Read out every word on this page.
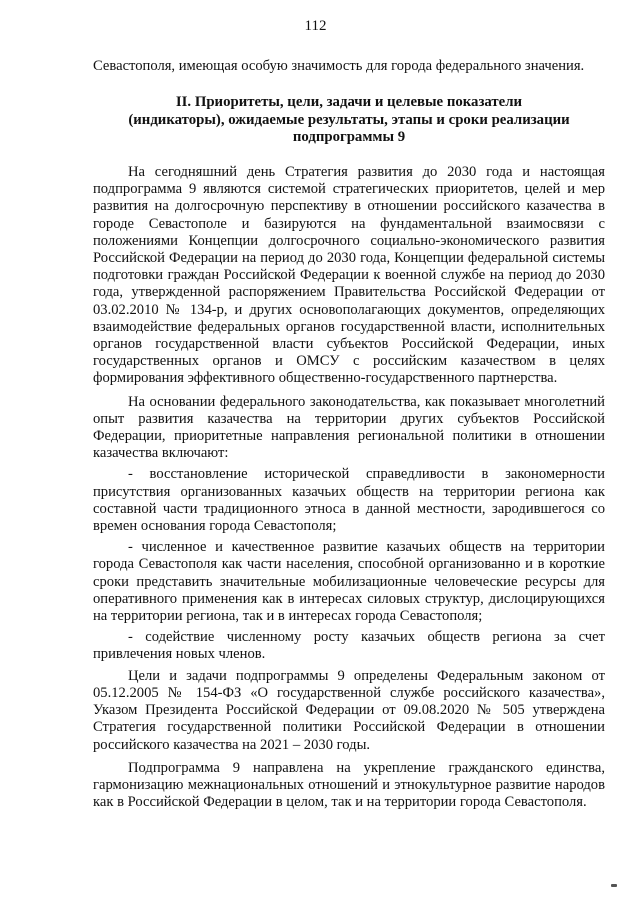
112
Севастополя, имеющая особую значимость для города федерального значения.
II. Приоритеты, цели, задачи и целевые показатели
(индикаторы), ожидаемые результаты, этапы и сроки реализации
подпрограммы 9

На сегодняшний день Стратегия развития до 2030 года и настоящая подпрограмма 9 являются системой стратегических приоритетов, целей и мер развития на долгосрочную перспективу в отношении российского казачества в городе Севастополе и базируются на фундаментальной взаимосвязи с положениями Концепции долгосрочного социально-экономического развития Российской Федерации на период до 2030 года, Концепции федеральной системы подготовки граждан Российской Федерации к военной службе на период до 2030 года, утвержденной распоряжением Правительства Российской Федерации от 03.02.2010 № 134-р, и других основополагающих документов, определяющих взаимодействие федеральных органов государственной власти, исполнительных органов государственной власти субъектов Российской Федерации, иных государственных органов и ОМСУ с российским казачеством в целях формирования эффективного общественно-государственного партнерства.

На основании федерального законодательства, как показывает многолетний опыт развития казачества на территории других субъектов Российской Федерации, приоритетные направления региональной политики в отношении казачества включают:

- восстановление исторической справедливости в закономерности присутствия организованных казачьих обществ на территории региона как составной части традиционного этноса в данной местности, зародившегося со времен основания города Севастополя;

- численное и качественное развитие казачьих обществ на территории города Севастополя как части населения, способной организованно и в короткие сроки представить значительные мобилизационные человеческие ресурсы для оперативного применения как в интересах силовых структур, дислоцирующихся на территории региона, так и в интересах города Севастополя;

- содействие численному росту казачьих обществ региона за счет привлечения новых членов.

Цели и задачи подпрограммы 9 определены Федеральным законом от 05.12.2005 № 154-ФЗ «О государственной службе российского казачества», Указом Президента Российской Федерации от 09.08.2020 № 505 утверждена Стратегия государственной политики Российской Федерации в отношении российского казачества на 2021 – 2030 годы.

Подпрограмма 9 направлена на укрепление гражданского единства, гармонизацию межнациональных отношений и этнокультурное развитие народов как в Российской Федерации в целом, так и на территории города Севастополя.
